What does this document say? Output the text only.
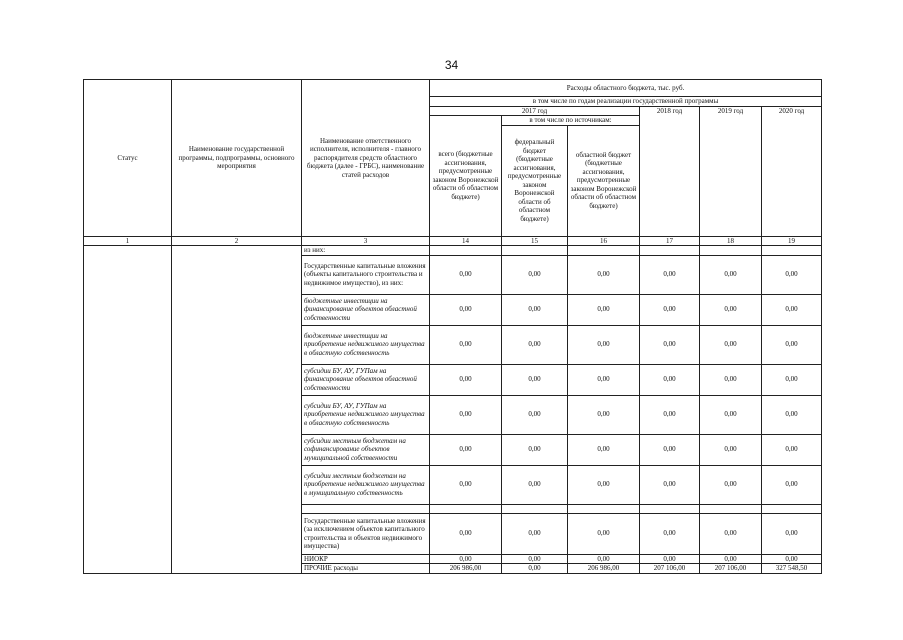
34
Статус	Наименование государственной программы, подпрограммы, основного мероприятия	Наименование ответственного исполнителя, исполнителя - главного распорядителя средств областного бюджета (далее - ГРБС), наименование статей расходов	Расходы областного бюджета, тыс. руб.					
			в том числе по годам реализации государственной программы					
			2017 год			2018 год	2019 год	2020 год
			всего (бюджетные ассигнования, предусмотренные законом Воронежской области об областном бюджете)	в том числе по источникам:				
				федеральный бюджет (бюджетные ассигнования, предусмотренные законом Воронежской области об областном бюджете)	областной бюджет (бюджетные ассигнования, предусмотренные законом Воронежской области об областном бюджете)			
1	2	3	14	15	16	17	18	19
		из них:						
		Государственные капитальные вложения (объекты капитального строительства и недвижимое имущество), из них:	0,00	0,00	0,00	0,00	0,00	0,00
		бюджетные инвестиции на финансирование объектов областной собственности	0,00	0,00	0,00	0,00	0,00	0,00
		бюджетные инвестиции на приобретение недвижимого имущества в областную собственность	0,00	0,00	0,00	0,00	0,00	0,00
		субсидии БУ, АУ, ГУПам на финансирование объектов областной собственности	0,00	0,00	0,00	0,00	0,00	0,00
		субсидии БУ, АУ, ГУПам на приобретение недвижимого имущества в областную собственность	0,00	0,00	0,00	0,00	0,00	0,00
		субсидии местным бюджетам на софинансирование объектов муниципальной собственности	0,00	0,00	0,00	0,00	0,00	0,00
		субсидии местным бюджетам на приобретение недвижимого имущества в муниципальную собственность	0,00	0,00	0,00	0,00	0,00	0,00

		Государственные капитальные вложения (за исключением объектов капитального строительства и объектов недвижимого имущества)	0,00	0,00	0,00	0,00	0,00	0,00
		НИОКР	0,00	0,00	0,00	0,00	0,00	0,00
		ПРОЧИЕ расходы	206 986,00	0,00	206 986,00	207 106,00	207 106,00	327 548,50
